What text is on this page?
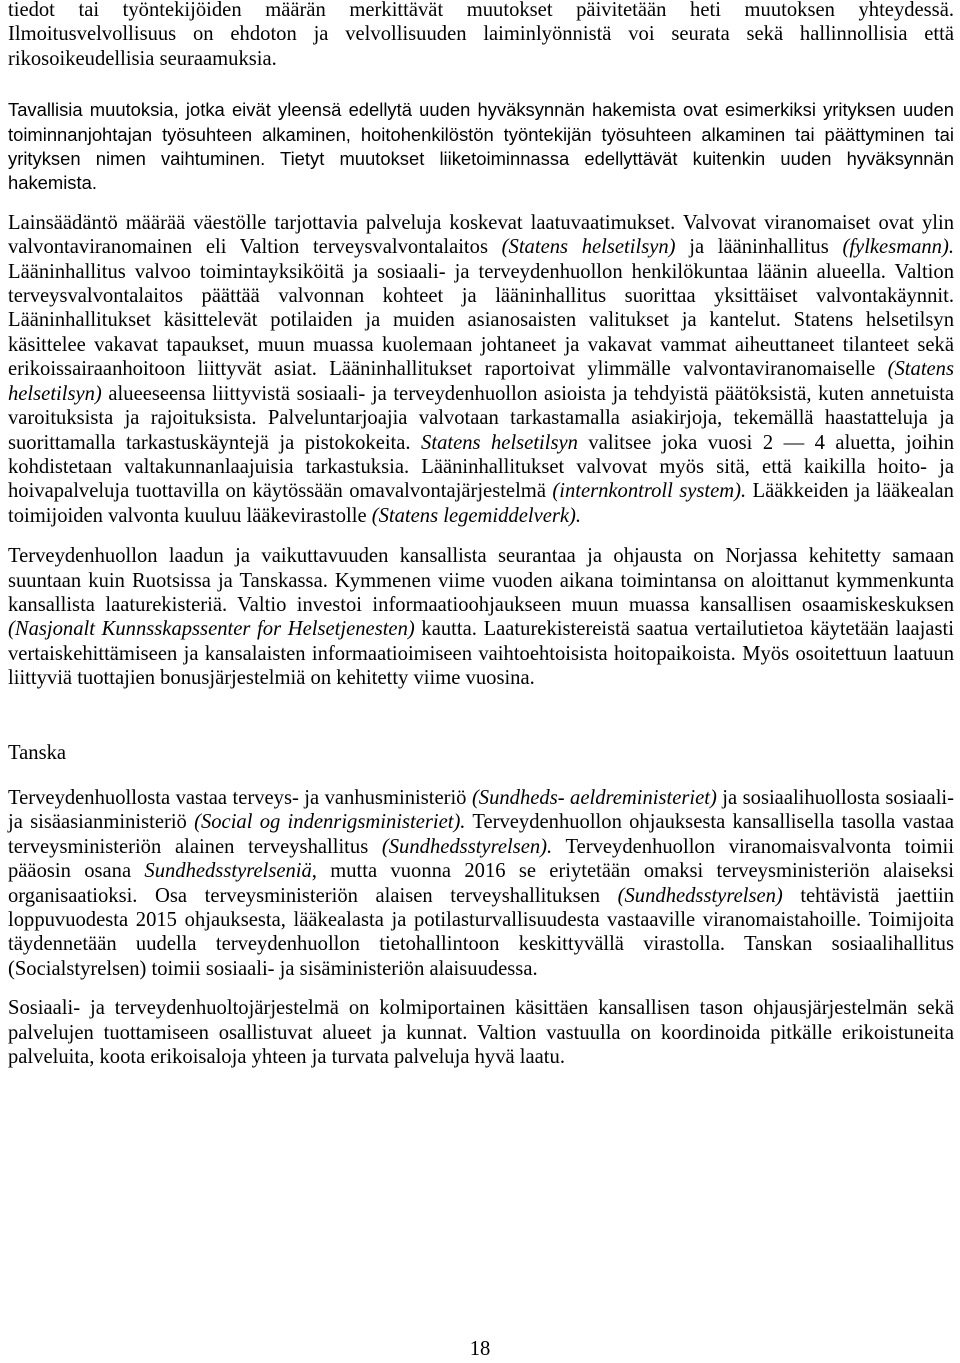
tiedot tai työntekijöiden määrän merkittävät muutokset päivitetään heti muutoksen yhteydessä. Ilmoitusvelvollisuus on ehdoton ja velvollisuuden laiminlyönnistä voi seurata sekä hallinnollisia että rikosoikeudellisia seuraamuksia.

Tavallisia muutoksia, jotka eivät yleensä edellytä uuden hyväksynnän hakemista ovat esimerkiksi yrityksen uuden toiminnanjohtajan työsuhteen alkaminen, hoitohenkilöstön työntekijän työsuhteen alkaminen tai päättyminen tai yrityksen nimen vaihtuminen. Tietyt muutokset liiketoiminnassa edellyttävät kuitenkin uuden hyväksynnän hakemista.

Lainsäädäntö määrää väestölle tarjottavia palveluja koskevat laatuvaatimukset. Valvovat viranomaiset ovat ylin valvontaviranomainen eli Valtion terveysvalvontalaitos (Statens helsetilsyn) ja lääninhallitus (fylkesmann). Lääninhallitus valvoo toimintayksiköitä ja sosiaali- ja terveydenhuollon henkilökuntaa läänin alueella. Valtion terveysvalvontalaitos päättää valvonnan kohteet ja lääninhallitus suorittaa yksittäiset valvontakäynnit. Lääninhallitukset käsittelevät potilaiden ja muiden asianosaisten valitukset ja kantelut. Statens helsetilsyn käsittelee vakavat tapaukset, muun muassa kuolemaan johtaneet ja vakavat vammat aiheuttaneet tilanteet sekä erikoissairaanhoitoon liittyvät asiat. Lääninhallitukset raportoivat ylimmälle valvontaviranomaiselle (Statens helsetilsyn) alueeseensa liittyvistä sosiaali- ja terveydenhuollon asioista ja tehdyistä päätöksistä, kuten annetuista varoituksista ja rajoituksista. Palveluntarjoajia valvotaan tarkastamalla asiakirjoja, tekemällä haastatteluja ja suorittamalla tarkastuskäyntejä ja pistokokeita. Statens helsetilsyn valitsee joka vuosi 2 — 4 aluetta, joihin kohdistetaan valtakunnanlaajuisia tarkastuksia. Lääninhallitukset valvovat myös sitä, että kaikilla hoito- ja hoivapalveluja tuottavilla on käytössään omavalvontajärjestelmä (internkontroll system). Lääkkeiden ja lääkealan toimijoiden valvonta kuuluu lääkevirastolle (Statens legemiddelverk).

Terveydenhuollon laadun ja vaikuttavuuden kansallista seurantaa ja ohjausta on Norjassa kehitetty samaan suuntaan kuin Ruotsissa ja Tanskassa. Kymmenen viime vuoden aikana toimintansa on aloittanut kymmenkunta kansallista laaturekisteriä. Valtio investoi informaatioohjaukseen muun muassa kansallisen osaamiskeskuksen (Nasjonalt Kunnsskapssenter for Helsetjenesten) kautta. Laaturekistereistä saatua vertailutietoa käytetään laajasti vertaiskehittämiseen ja kansalaisten informaatioimiseen vaihtoehtoisista hoitopaikoista. Myös osoitettuun laatuun liittyviä tuottajien bonusjärjestelmiä on kehitetty viime vuosina.

Tanska

Terveydenhuollosta vastaa terveys- ja vanhusministeriö (Sundheds- aeldreministeriet) ja sosiaalihuollosta sosiaali- ja sisäasianministeriö (Social og indenrigsministeriet). Terveydenhuollon ohjauksesta kansallisella tasolla vastaa terveysministeriön alainen terveyshallitus (Sundhedsstyrelsen). Terveydenhuollon viranomaisvalvonta toimii pääosin osana Sundhedsstyrelseniä, mutta vuonna 2016 se eriytetään omaksi terveysministeriön alaiseksi organisaatioksi. Osa terveysministeriön alaisen terveyshallituksen (Sundhedsstyrelsen) tehtävistä jaettiin loppuvuodesta 2015 ohjauksesta, lääkealasta ja potilasturvallisuudesta vastaaville viranomaistahoille. Toimijoita täydennetään uudella terveydenhuollon tietohallintoon keskittyvällä virastolla. Tanskan sosiaalihallitus (Socialstyrelsen) toimii sosiaali- ja sisäministeriön alaisuudessa.

Sosiaali- ja terveydenhuoltojärjestelmä on kolmiportainen käsittäen kansallisen tason ohjausjärjestelmän sekä palvelujen tuottamiseen osallistuvat alueet ja kunnat. Valtion vastuulla on koordinoida pitkälle erikoistuneita palveluita, koota erikoisaloja yhteen ja turvata palveluja hyvä laatu.

18
